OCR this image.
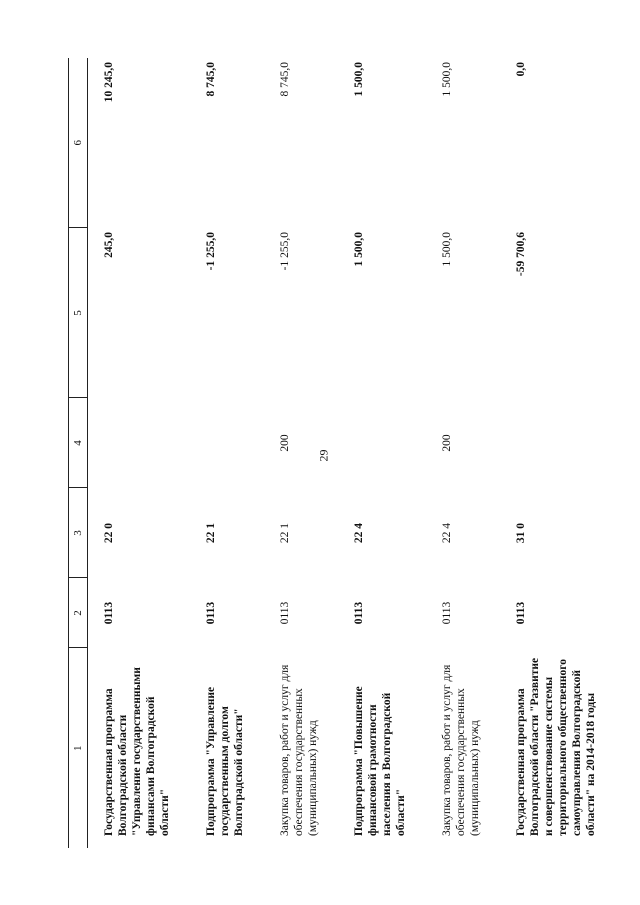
29
1	2	3	4	5	6
Государственная программа Волгоградской области "Управление государственными финансами Волгоградской области"	0113	22 0		245,0	10 245,0
Подпрограмма "Управление государственным долгом Волгоградской области"	0113	22 1		-1 255,0	8 745,0
Закупка товаров, работ и услуг для обеспечения государственных (муниципальных) нужд	0113	22 1	200	-1 255,0	8 745,0
Подпрограмма "Повышение финансовой грамотности населения в Волгоградской области"	0113	22 4		1 500,0	1 500,0
Закупка товаров, работ и услуг для обеспечения государственных (муниципальных) нужд	0113	22 4	200	1 500,0	1 500,0
Государственная программа Волгоградской области "Развитие и совершенствование системы территориального общественного самоуправления Волгоградской области" на 2014-2018 годы	0113	31 0		-59 700,6	0,0
